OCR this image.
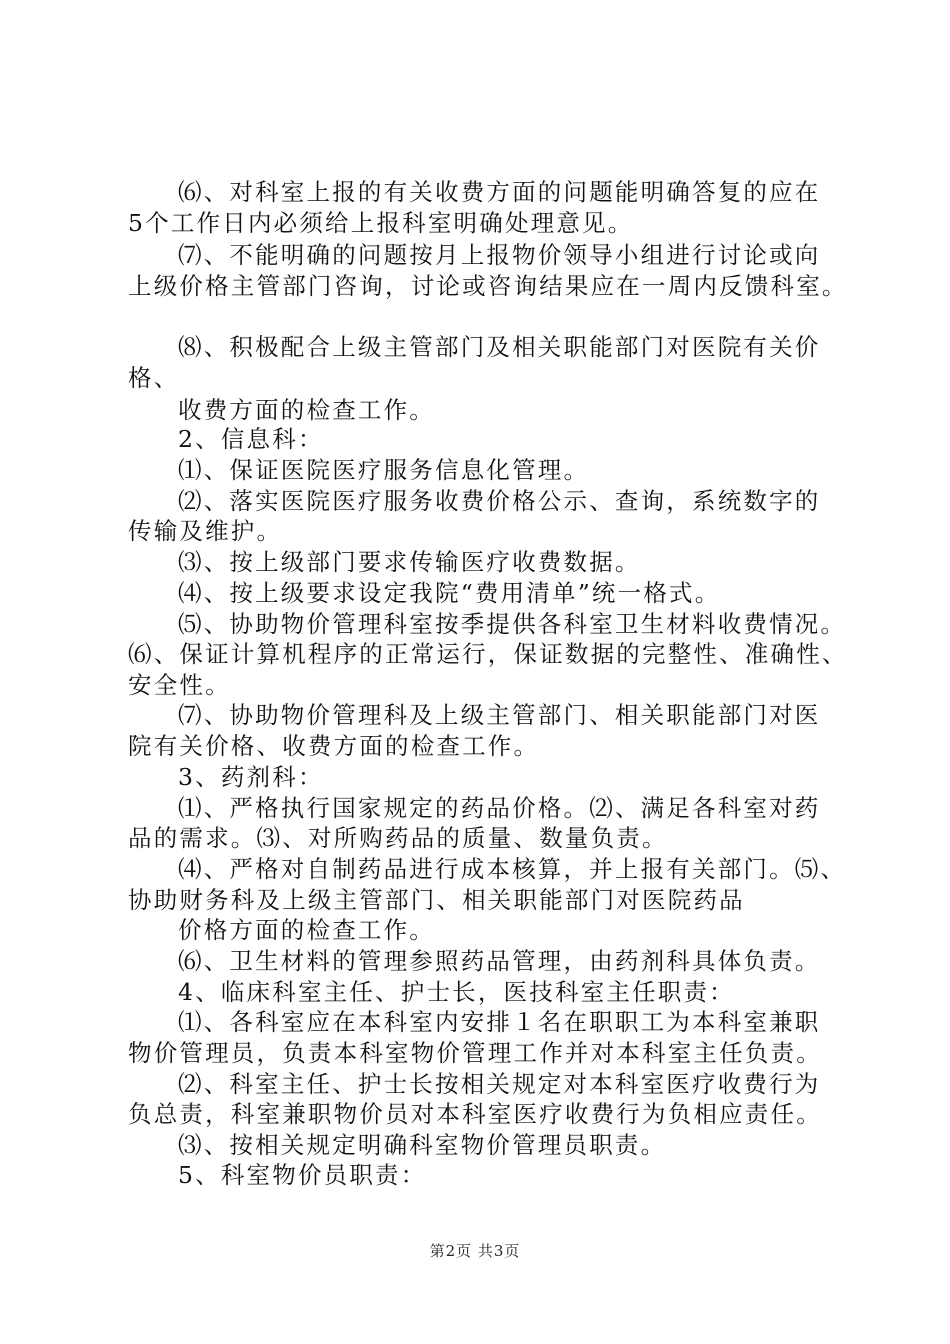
⑹、对科室上报的有关收费方面的问题能明确答复的应在
5个工作日内必须给上报科室明确处理意见。
⑺、不能明确的问题按月上报物价领导小组进行讨论或向
上级价格主管部门咨询，讨论或咨询结果应在一周内反馈科室。
⑻、积极配合上级主管部门及相关职能部门对医院有关价
格、
收费方面的检查工作。
2、信息科：
⑴、保证医院医疗服务信息化管理。
⑵、落实医院医疗服务收费价格公示、查询，系统数字的
传输及维护。
⑶、按上级部门要求传输医疗收费数据。
⑷、按上级要求设定我院“费用清单”统一格式。
⑸、协助物价管理科室按季提供各科室卫生材料收费情况。
⑹、保证计算机程序的正常运行，保证数据的完整性、准确性、
安全性。
⑺、协助物价管理科及上级主管部门、相关职能部门对医
院有关价格、收费方面的检查工作。
3、药剂科：
⑴、严格执行国家规定的药品价格。⑵、满足各科室对药
品的需求。⑶、对所购药品的质量、数量负责。
⑷、严格对自制药品进行成本核算，并上报有关部门。⑸、
协助财务科及上级主管部门、相关职能部门对医院药品
价格方面的检查工作。
⑹、卫生材料的管理参照药品管理，由药剂科具体负责。
4、临床科室主任、护士长，医技科室主任职责：
⑴、各科室应在本科室内安排１名在职职工为本科室兼职
物价管理员，负责本科室物价管理工作并对本科室主任负责。
⑵、科室主任、护士长按相关规定对本科室医疗收费行为
负总责，科室兼职物价员对本科室医疗收费行为负相应责任。
⑶、按相关规定明确科室物价管理员职责。
5、科室物价员职责：
第2页 共3页
